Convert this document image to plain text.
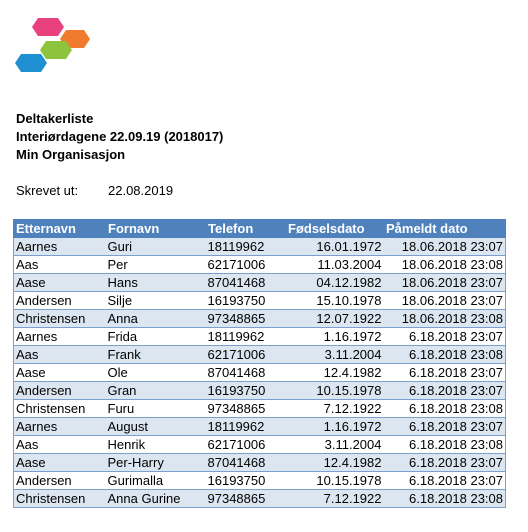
Deltakerliste
Interiørdagene 22.09.19 (2018017)
Min Organisasjon
Skrevet ut: 22.08.2019
Etternavn	Fornavn	Telefon	Fødselsdato	Påmeldt dato
Aarnes	Guri	18119962	16.01.1972	18.06.2018 23:07
Aas	Per	62171006	11.03.2004	18.06.2018 23:08
Aase	Hans	87041468	04.12.1982	18.06.2018 23:07
Andersen	Silje	16193750	15.10.1978	18.06.2018 23:07
Christensen	Anna	97348865	12.07.1922	18.06.2018 23:08
Aarnes	Frida	18119962	1.16.1972	6.18.2018 23:07
Aas	Frank	62171006	3.11.2004	6.18.2018 23:08
Aase	Ole	87041468	12.4.1982	6.18.2018 23:07
Andersen	Gran	16193750	10.15.1978	6.18.2018 23:07
Christensen	Furu	97348865	7.12.1922	6.18.2018 23:08
Aarnes	August	18119962	1.16.1972	6.18.2018 23:07
Aas	Henrik	62171006	3.11.2004	6.18.2018 23:08
Aase	Per-Harry	87041468	12.4.1982	6.18.2018 23:07
Andersen	Gurimalla	16193750	10.15.1978	6.18.2018 23:07
Christensen	Anna Gurine	97348865	7.12.1922	6.18.2018 23:08
